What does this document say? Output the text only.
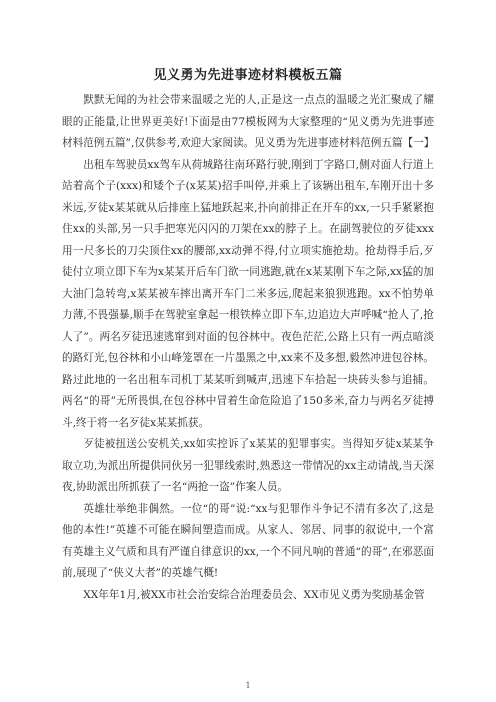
见义勇为先进事迹材料模板五篇

默默无闻的为社会带来温暖之光的人,正是这一点点的温暖之光汇聚成了耀眼的正能量,让世界更美好!下面是由77模板网为大家整理的“见义勇为先进事迹材料范例五篇”,仅供参考,欢迎大家阅读。见义勇为先进事迹材料范例五篇【一】

出租车驾驶员xx驾车从荷城路往南环路行驶,刚到丁字路口,侧对面人行道上站着高个子(xxx)和矮个子(x某某)招手叫停,并乘上了该辆出租车,车刚开出十多米远,歹徒x某某就从后排座上猛地跃起来,扑向前排正在开车的xx,一只手紧紧抱住xx的头部,另一只手把寒光闪闪的刀架在xx的脖子上。在副驾驶位的歹徒xxx用一尺多长的刀尖顶住xx的腰部,xx动弹不得,付立项实施抢劫。抢劫得手后,歹徒付立项立即下车为x某某开后车门欲一同逃跑,就在x某某刚下车之际,xx猛的加大油门急转弯,x某某被车摔出离开车门二米多远,爬起来狼狈逃跑。xx不怕势单力薄,不畏强暴,顺手在驾驶室拿起一根铁棒立即下车,边追边大声呼喊“抢人了,抢人了”。两名歹徒迅速逃窜到对面的包谷林中。夜色茫茫,公路上只有一两点暗淡的路灯光,包谷林和小山峰笼罩在一片墨黑之中,xx来不及多想,毅然冲进包谷林。路过此地的一名出租车司机丁某某听到喊声,迅速下车拾起一块砖头参与追捕。两名“的哥”无所畏惧,在包谷林中冒着生命危险追了150多米,奋力与两名歹徒搏斗,终于将一名歹徒x某某抓获。

歹徒被扭送公安机关,xx如实控诉了x某某的犯罪事实。当得知歹徒x某某争取立功,为派出所提供同伙另一犯罪线索时,熟悉这一带情况的xx主动请战,当天深夜,协助派出所抓获了一名“两抢一盗”作案人员。

英雄壮举绝非偶然。一位“的哥”说:“xx与犯罪作斗争记不清有多次了,这是他的本性!”英雄不可能在瞬间塑造而成。从家人、邻居、同事的叙说中,一个富有英雄主义气质和具有严谨自律意识的xx,一个不同凡响的普通“的哥”,在邪恶面前,展现了“侠义大者”的英雄气概!

XX年年1月,被XX市社会治安综合治理委员会、XX市见义勇为奖励基金管

1
